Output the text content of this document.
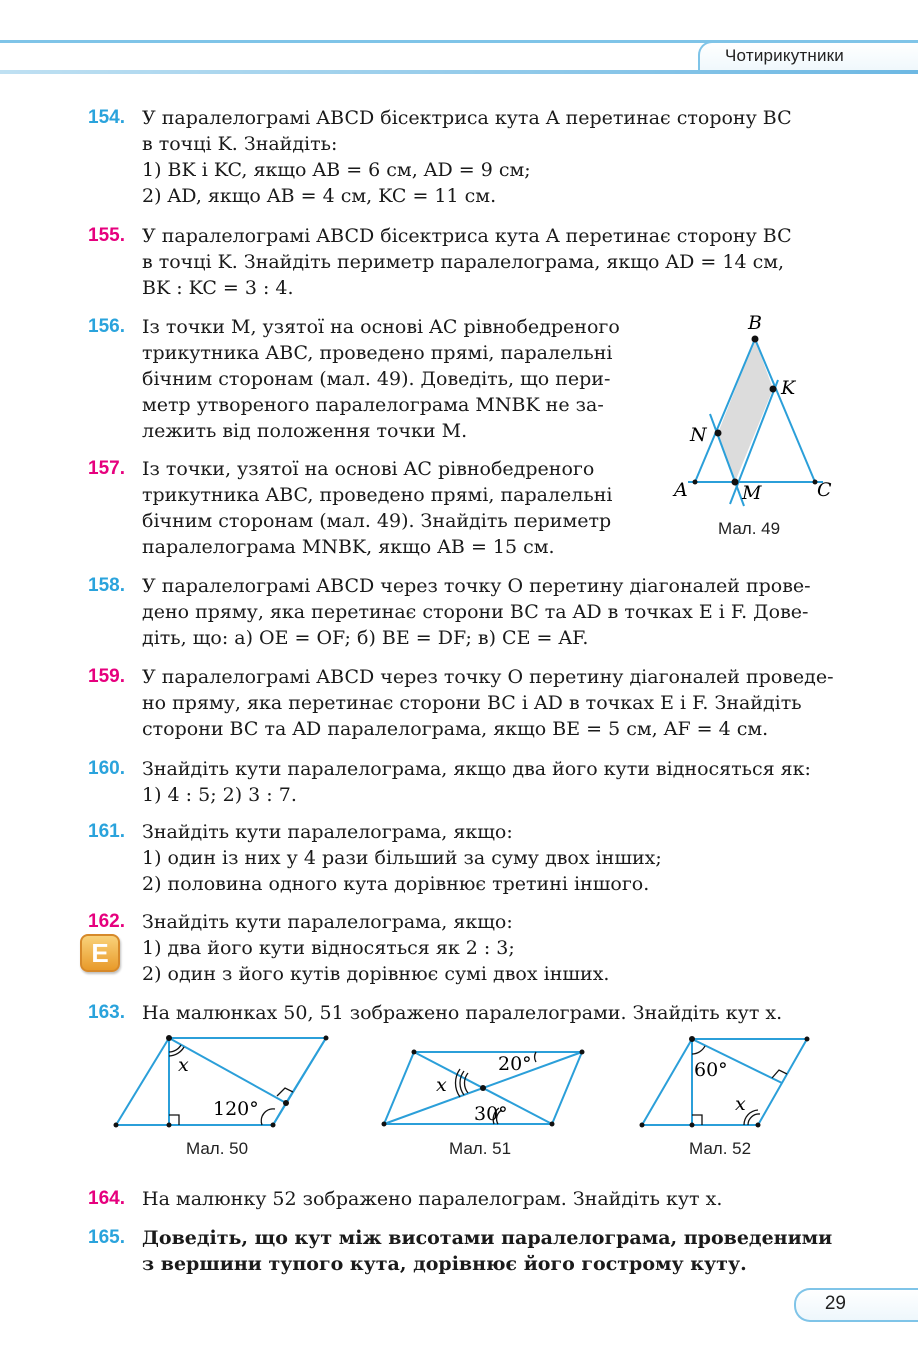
Чотирикутники
154. У паралелограмі ABCD бісектриса кута A перетинає сторону BC
в точці K. Знайдіть:
1) BK і KC, якщо AB = 6 см, AD = 9 см;
2) AD, якщо AB = 4 см, KC = 11 см.
155. У паралелограмі ABCD бісектриса кута A перетинає сторону BC
в точці K. Знайдіть периметр паралелограма, якщо AD = 14 см,
BK : KC = 3 : 4.
156. Із точки M, узятої на основі AC рівнобедреного
трикутника ABC, проведено прямі, паралельні
бічним сторонам (мал. 49). Доведіть, що пери-
метр утвореного паралелограма MNBK не за-
лежить від положення точки M.
157. Із точки, узятої на основі AC рівнобедреного
трикутника ABC, проведено прямі, паралельні
бічним сторонам (мал. 49). Знайдіть периметр
паралелограма MNBK, якщо AB = 15 см.
B
K
N
A	M	C
Мал. 49
158. У паралелограмі ABCD через точку O перетину діагоналей прове-
дено пряму, яка перетинає сторони BC та AD в точках E і F. Дове-
діть, що: а) OE = OF; б) BE = DF; в) CE = AF.
159. У паралелограмі ABCD через точку O перетину діагоналей проведе-
но пряму, яка перетинає сторони BC і AD в точках E і F. Знайдіть
сторони BC та AD паралелограма, якщо BE = 5 см, AF = 4 см.
160. Знайдіть кути паралелограма, якщо два його кути відносяться як:
1) 4 : 5; 2) 3 : 7.
161. Знайдіть кути паралелограма, якщо:
1) один із них у 4 рази більший за суму двох інших;
2) половина одного кута дорівнює третині іншого.
162. Знайдіть кути паралелограма, якщо:
1) два його кути відносяться як 2 : 3;
2) один з його кутів дорівнює сумі двох інших.
E
163. На малюнках 50, 51 зображено паралелограми. Знайдіть кут x.
x
120°
Мал. 50
x
20°
30°
Мал. 51
60°
x
Мал. 52
164. На малюнку 52 зображено паралелограм. Знайдіть кут x.
165. Доведіть, що кут між висотами паралелограма, проведеними
з вершини тупого кута, дорівнює його гострому куту.
29
